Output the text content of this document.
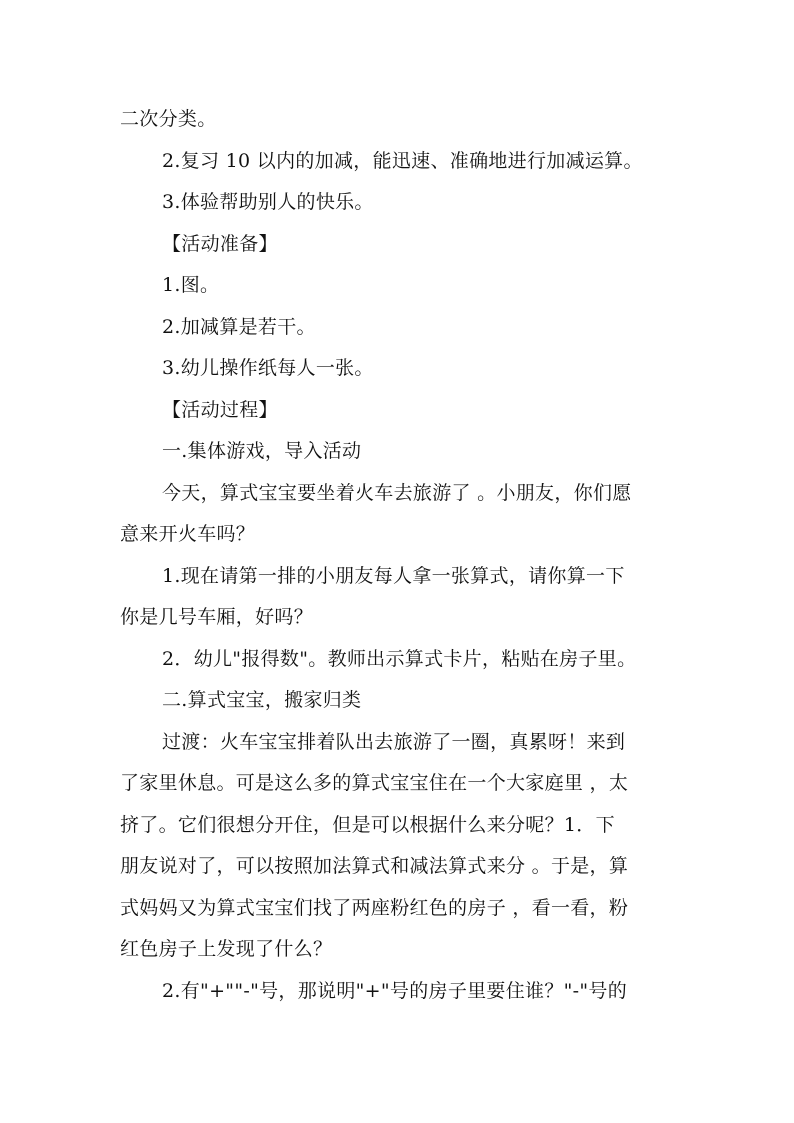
二次分类。
2.复习 10 以内的加减，能迅速、准确地进行加减运算。
3.体验帮助别人的快乐。
【活动准备】
1.图。
2.加减算是若干。
3.幼儿操作纸每人一张。
【活动过程】
一.集体游戏，导入活动
今天，算式宝宝要坐着火车去旅游了 。小朋友，你们愿
意来开火车吗？
1.现在请第一排的小朋友每人拿一张算式，请你算一下
你是几号车厢，好吗？
2．幼儿"报得数"。教师出示算式卡片，粘贴在房子里。
二.算式宝宝，搬家归类
过渡：火车宝宝排着队出去旅游了一圈，真累呀！来到
了家里休息。可是这么多的算式宝宝住在一个大家庭里 ，太
挤了。它们很想分开住，但是可以根据什么来分呢？1．下
朋友说对了，可以按照加法算式和减法算式来分 。于是，算
式妈妈又为算式宝宝们找了两座粉红色的房子 ，看一看，粉
红色房子上发现了什么？
2.有"+""-"号，那说明"+"号的房子里要住谁？"-"号的
